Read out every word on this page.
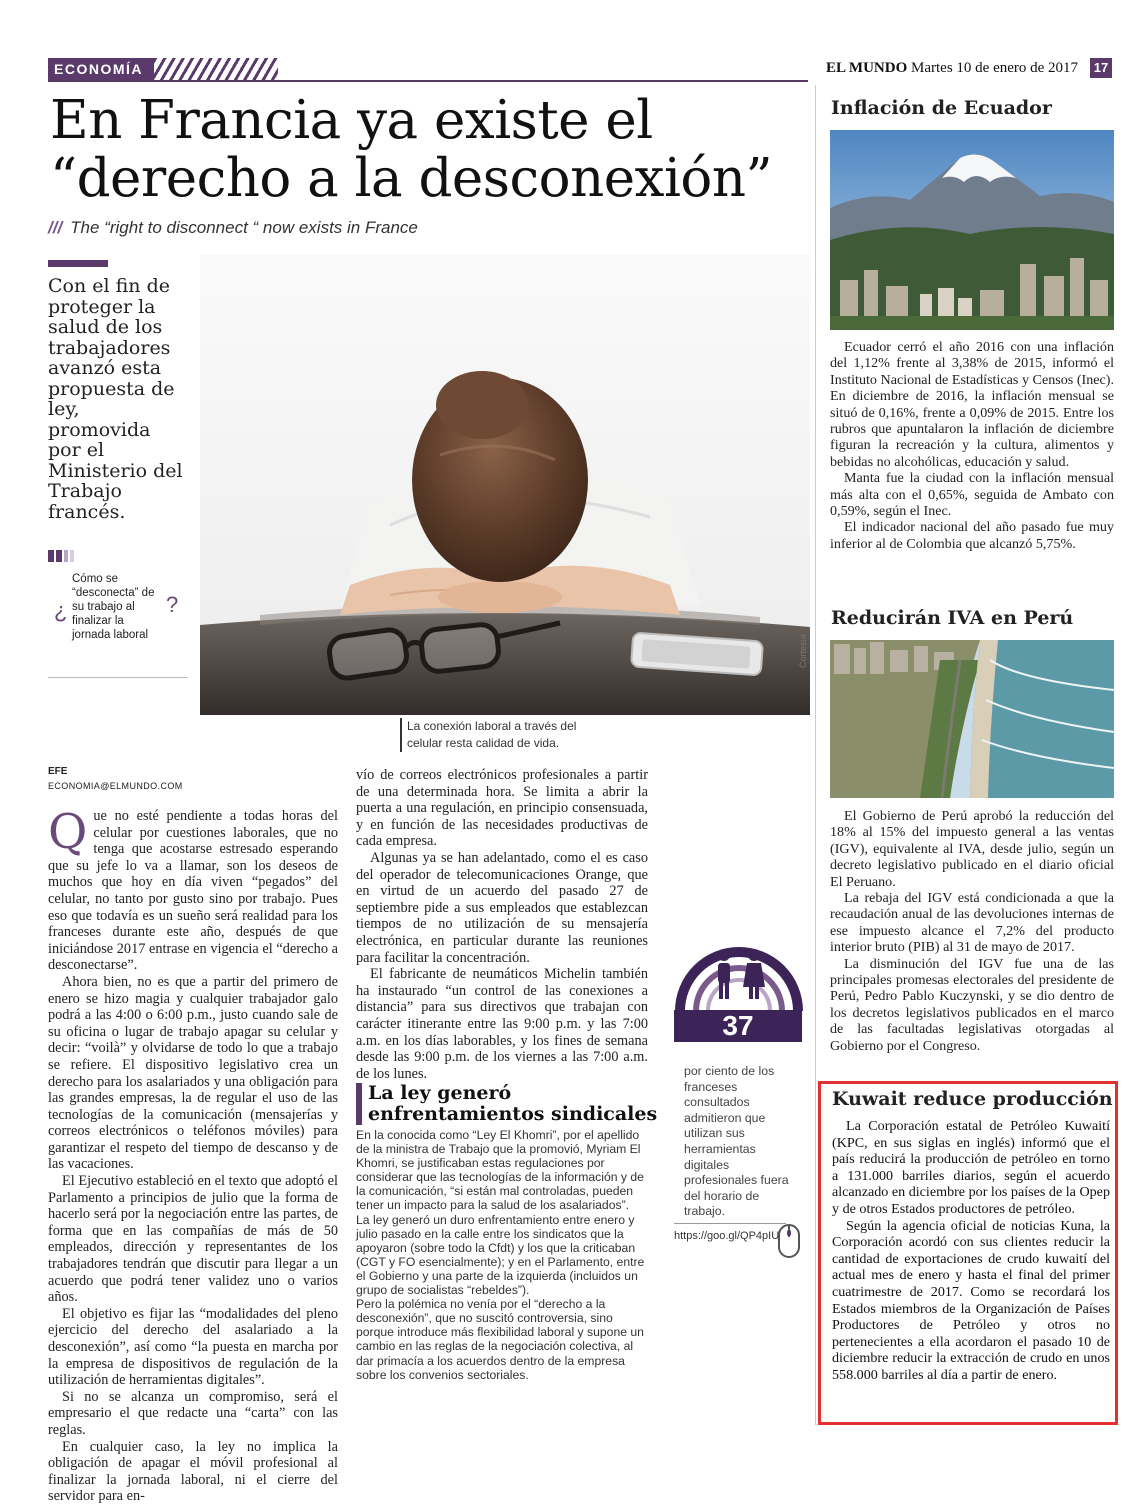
ECONOMÍA	EL MUNDO Martes 10 de enero de 2017 17
En Francia ya existe el
“derecho a la desconexión”
/// The “right to disconnect “ now exists in France
Con el fin de proteger la salud de los trabajadores avanzó esta propuesta de ley, promovida por el Ministerio del Trabajo francés.
¿
Cómo se “desconecta” de su trabajo al finalizar la jornada laboral
?
Cortesía
La conexión laboral a través del celular resta calidad de vida.
EFE
ECONOMIA@ELMUNDO.COM

Que no esté pendiente a todas horas del celular por cuestiones laborales, que no tenga que acostarse estresado esperando que su jefe lo va a llamar, son los deseos de muchos que hoy en día viven “pegados” del celular, no tanto por gusto sino por trabajo. Pues eso que todavía es un sueño será realidad para los franceses durante este año, después de que iniciándose 2017 entrase en vigencia el “derecho a desconectarse”.

Ahora bien, no es que a partir del primero de enero se hizo magia y cualquier trabajador galo podrá a las 4:00 o 6:00 p.m., justo cuando sale de su oficina o lugar de trabajo apagar su celular y decir: “voilà” y olvidarse de todo lo que a trabajo se refiere. El dispositivo legislativo crea un derecho para los asalariados y una obligación para las grandes empresas, la de regular el uso de las tecnologías de la comunicación (mensajerías y correos electrónicos o teléfonos móviles) para garantizar el respeto del tiempo de descanso y de las vacaciones.

El Ejecutivo estableció en el texto que adoptó el Parlamento a principios de julio que la forma de hacerlo será por la negociación entre las partes, de forma que en las compañías de más de 50 empleados, dirección y representantes de los trabajadores tendrán que discutir para llegar a un acuerdo que podrá tener validez uno o varios años.

El objetivo es fijar las “modalidades del pleno ejercicio del derecho del asalariado a la desconexión”, así como “la puesta en marcha por la empresa de dispositivos de regulación de la utilización de herramientas digitales”.

Si no se alcanza un compromiso, será el empresario el que redacte una “carta” con las reglas.

En cualquier caso, la ley no implica la obligación de apagar el móvil profesional al finalizar la jornada laboral, ni el cierre del servidor para en-

vío de correos electrónicos profesionales a partir de una determinada hora. Se limita a abrir la puerta a una regulación, en principio consensuada, y en función de las necesidades productivas de cada empresa.

Algunas ya se han adelantado, como el es caso del operador de telecomunicaciones Orange, que en virtud de un acuerdo del pasado 27 de septiembre pide a sus empleados que establezcan tiempos de no utilización de su mensajería electrónica, en particular durante las reuniones para facilitar la concentración.

El fabricante de neumáticos Michelin también ha instaurado “un control de las conexiones a distancia” para sus directivos que trabajan con carácter itinerante entre las 9:00 p.m. y las 7:00 a.m. en los días laborables, y los fines de semana desde las 9:00 p.m. de los viernes a las 7:00 a.m. de los lunes.

La ley generó enfrentamientos sindicales

En la conocida como “Ley El Khomri”, por el apellido de la ministra de Trabajo que la promovió, Myriam El Khomri, se justificaban estas regulaciones por considerar que las tecnologías de la información y de la comunicación, “si están mal controladas, pueden tener un impacto para la salud de los asalariados”.

La ley generó un duro enfrentamiento entre enero y julio pasado en la calle entre los sindicatos que la apoyaron (sobre todo la Cfdt) y los que la criticaban (CGT y FO esencialmente); y en el Parlamento, entre el Gobierno y una parte de la izquierda (incluidos un grupo de socialistas “rebeldes”).

Pero la polémica no venía por el “derecho a la desconexión”, que no suscitó controversia, sino porque introduce más flexibilidad laboral y supone un cambio en las reglas de la negociación colectiva, al dar primacía a los acuerdos dentro de la empresa sobre los convenios sectoriales.

37
por ciento de los franceses consultados admitieron que utilizan sus herramientas digitales profesionales fuera del horario de trabajo.
https://goo.gl/QP4pIU
Inflación de Ecuador

Ecuador cerró el año 2016 con una inflación del 1,12% frente al 3,38% de 2015, informó el Instituto Nacional de Estadísticas y Censos (Inec). En diciembre de 2016, la inflación mensual se situó de 0,16%, frente a 0,09% de 2015. Entre los rubros que apuntalaron la inflación de diciembre figuran la recreación y la cultura, alimentos y bebidas no alcohólicas, educación y salud.

Manta fue la ciudad con la inflación mensual más alta con el 0,65%, seguida de Ambato con 0,59%, según el Inec.

El indicador nacional del año pasado fue muy inferior al de Colombia que alcanzó 5,75%.

Reducirán IVA en Perú

El Gobierno de Perú aprobó la reducción del 18% al 15% del impuesto general a las ventas (IGV), equivalente al IVA, desde julio, según un decreto legislativo publicado en el diario oficial El Peruano.

La rebaja del IGV está condicionada a que la recaudación anual de las devoluciones internas de ese impuesto alcance el 7,2% del producto interior bruto (PIB) al 31 de mayo de 2017.

La disminución del IGV fue una de las principales promesas electorales del presidente de Perú, Pedro Pablo Kuczynski, y se dio dentro de los decretos legislativos publicados en el marco de las facultadas legislativas otorgadas al Gobierno por el Congreso.

Kuwait reduce producción

La Corporación estatal de Petróleo Kuwaití (KPC, en sus siglas en inglés) informó que el país reducirá la producción de petróleo en torno a 131.000 barriles diarios, según el acuerdo alcanzado en diciembre por los países de la Opep y de otros Estados productores de petróleo.

Según la agencia oficial de noticias Kuna, la Corporación acordó con sus clientes reducir la cantidad de exportaciones de crudo kuwaití del actual mes de enero y hasta el final del primer cuatrimestre de 2017. Como se recordará los Estados miembros de la Organización de Países Productores de Petróleo y otros no pertenecientes a ella acordaron el pasado 10 de diciembre reducir la extracción de crudo en unos 558.000 barriles al día a partir de enero.
